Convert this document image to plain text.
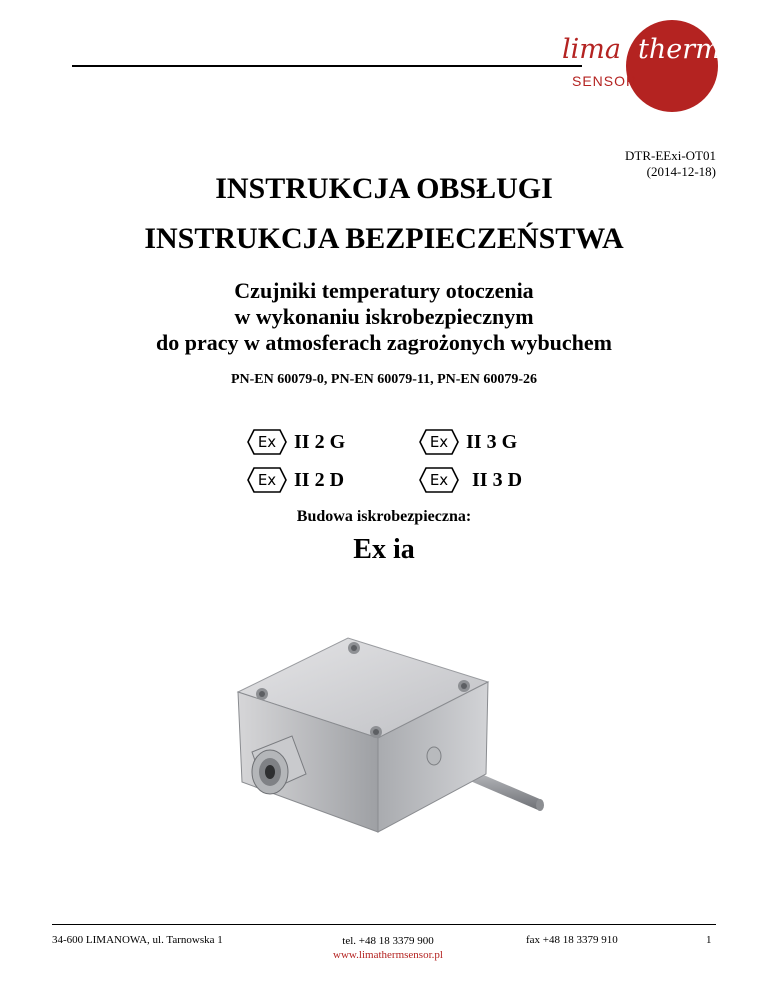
lima therm
SENSOR
DTR-EExi-OT01
(2014-12-18)
INSTRUKCJA OBSŁUGI
INSTRUKCJA BEZPIECZEŃSTWA
Czujniki temperatury otoczenia
w wykonaniu iskrobezpiecznym
do pracy w atmosferach zagrożonych wybuchem
PN-EN 60079-0, PN-EN 60079-11, PN-EN 60079-26
Ex II 2 G	Ex II 3 G
Ex II 2 D	Ex II 3 D
Budowa iskrobezpieczna:
Ex ia
34-600 LIMANOWA, ul. Tarnowska 1	tel. +48 18 3379 900
www.limathermsensor.pl
fax +48 18 3379 910	1
